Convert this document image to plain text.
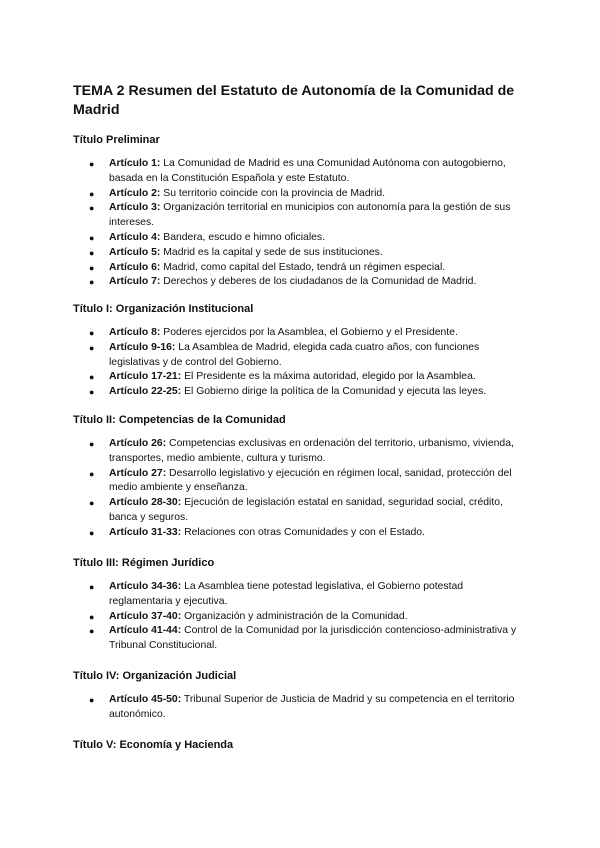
TEMA 2 Resumen del Estatuto de Autonomía de la Comunidad de Madrid
Título Preliminar
● Artículo 1: La Comunidad de Madrid es una Comunidad Autónoma con autogobierno, basada en la Constitución Española y este Estatuto.
● Artículo 2: Su territorio coincide con la provincia de Madrid.
● Artículo 3: Organización territorial en municipios con autonomía para la gestión de sus intereses.
● Artículo 4: Bandera, escudo e himno oficiales.
● Artículo 5: Madrid es la capital y sede de sus instituciones.
● Artículo 6: Madrid, como capital del Estado, tendrá un régimen especial.
● Artículo 7: Derechos y deberes de los ciudadanos de la Comunidad de Madrid.
Título I: Organización Institucional
● Artículo 8: Poderes ejercidos por la Asamblea, el Gobierno y el Presidente.
● Artículo 9-16: La Asamblea de Madrid, elegida cada cuatro años, con funciones legislativas y de control del Gobierno.
● Artículo 17-21: El Presidente es la máxima autoridad, elegido por la Asamblea.
● Artículo 22-25: El Gobierno dirige la política de la Comunidad y ejecuta las leyes.
Título II: Competencias de la Comunidad
● Artículo 26: Competencias exclusivas en ordenación del territorio, urbanismo, vivienda, transportes, medio ambiente, cultura y turismo.
● Artículo 27: Desarrollo legislativo y ejecución en régimen local, sanidad, protección del medio ambiente y enseñanza.
● Artículo 28-30: Ejecución de legislación estatal en sanidad, seguridad social, crédito, banca y seguros.
● Artículo 31-33: Relaciones con otras Comunidades y con el Estado.
Título III: Régimen Jurídico
● Artículo 34-36: La Asamblea tiene potestad legislativa, el Gobierno potestad reglamentaria y ejecutiva.
● Artículo 37-40: Organización y administración de la Comunidad.
● Artículo 41-44: Control de la Comunidad por la jurisdicción contencioso-administrativa y Tribunal Constitucional.
Título IV: Organización Judicial
● Artículo 45-50: Tribunal Superior de Justicia de Madrid y su competencia en el territorio autonómico.
Título V: Economía y Hacienda
